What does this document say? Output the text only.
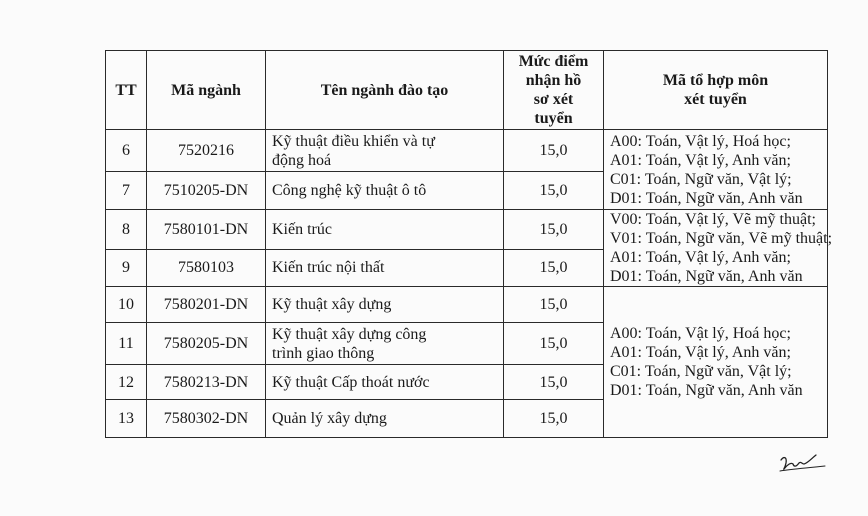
TT	Mã ngành	Tên ngành đào tạo	Mức điểm
nhận hồ
sơ xét
tuyển	Mã tổ hợp môn
xét tuyển
6	7520216	Kỹ thuật điều khiển và tự
động hoá	15,0	A00: Toán, Vật lý, Hoá học;
A01: Toán, Vật lý, Anh văn;
C01: Toán, Ngữ văn, Vật lý;
D01: Toán, Ngữ văn, Anh văn

7	7510205-DN	Công nghệ kỹ thuật ô tô	15,0	
8	7580101-DN	Kiến trúc	15,0	V00: Toán, Vật lý, Vẽ mỹ thuật;
V01: Toán, Ngữ văn, Vẽ mỹ thuật;
A01: Toán, Vật lý, Anh văn;
D01: Toán, Ngữ văn, Anh văn

9	7580103	Kiến trúc nội thất	15,0	
10	7580201-DN	Kỹ thuật xây dựng	15,0	A00: Toán, Vật lý, Hoá học;
A01: Toán, Vật lý, Anh văn;
C01: Toán, Ngữ văn, Vật lý;
D01: Toán, Ngữ văn, Anh văn

11	7580205-DN	Kỹ thuật xây dựng công
trình giao thông	15,0	
12	7580213-DN	Kỹ thuật Cấp thoát nước	15,0	
13	7580302-DN	Quản lý xây dựng	15,0	
